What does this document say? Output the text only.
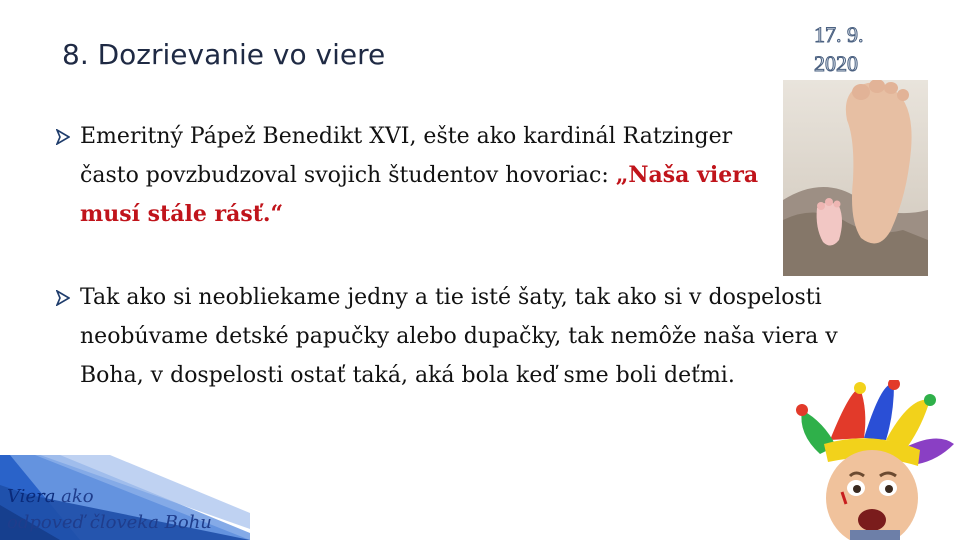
8. Dozrievanie vo viere
17. 9.
2020
Emeritný Pápež Benedikt XVI, ešte ako kardinál Ratzinger často povzbudzoval svojich študentov hovoriac: „Naša viera musí stále rásť.“
Tak ako si neobliekame jedny a tie isté šaty, tak ako si v dospelosti neobúvame detské papučky alebo dupačky, tak nemôže naša viera v Boha, v dospelosti ostať taká, aká bola keď sme boli deťmi.
Viera ako
odpoveď človeka Bohu
